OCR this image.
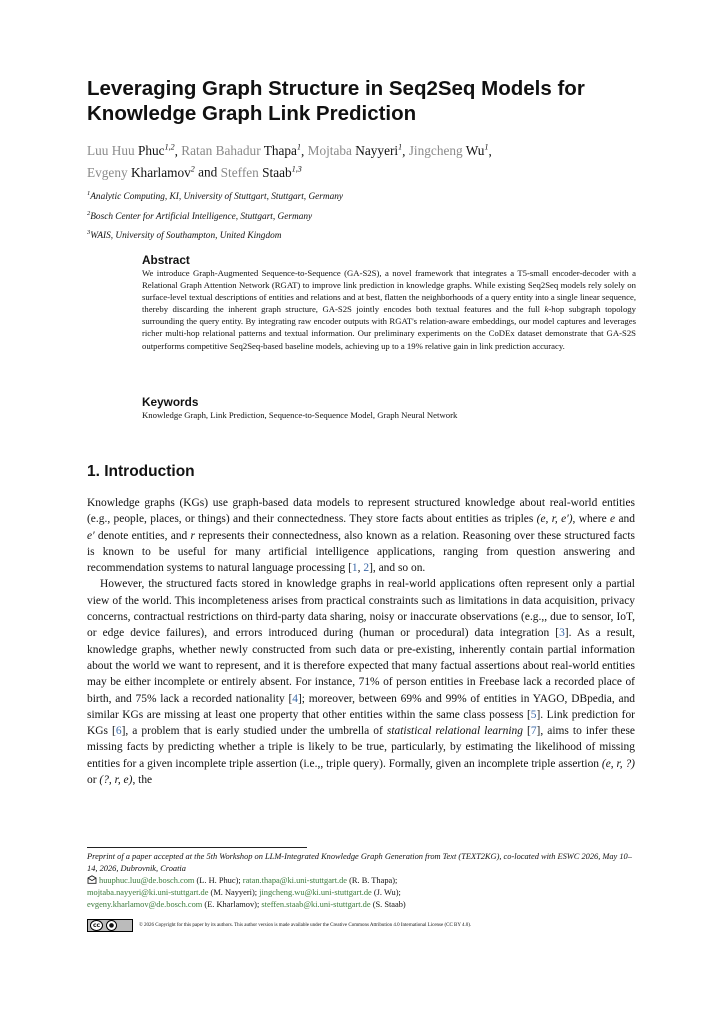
Leveraging Graph Structure in Seq2Seq Models for Knowledge Graph Link Prediction

Luu Huu Phuc$^{1,2}$, Ratan Bahadur Thapa$^1$, Mojtaba Nayyeri$^1$, Jingcheng Wu$^1$,
Evgeny Kharlamov$^2$ and Steffen Staab$^{1,3}$

$^1$Analytic Computing, KI, University of Stuttgart, Stuttgart, Germany
$^2$Bosch Center for Artificial Intelligence, Stuttgart, Germany
$^3$WAIS, University of Southampton, United Kingdom
Abstract

We introduce Graph-Augmented Sequence-to-Sequence (GA-S2S), a novel framework that integrates a T5-small encoder-decoder with a Relational Graph Attention Network (RGAT) to improve link prediction in knowledge graphs. While existing Seq2Seq models rely solely on surface-level textual descriptions of entities and relations and at best, flatten the neighborhoods of a query entity into a single linear sequence, thereby discarding the inherent graph structure, GA-S2S jointly encodes both textual features and the full k-hop subgraph topology surrounding the query entity. By integrating raw encoder outputs with RGAT's relation-aware embeddings, our model captures and leverages richer multi-hop relational patterns and textual information. Our preliminary experiments on the CoDEx dataset demonstrate that GA-S2S outperforms competitive Seq2Seq-based baseline models, achieving up to a 19% relative gain in link prediction accuracy.

Keywords

Knowledge Graph, Link Prediction, Sequence-to-Sequence Model, Graph Neural Network

1. Introduction

Knowledge graphs (KGs) use graph-based data models to represent structured knowledge about real-world entities (e.g., people, places, or things) and their connectedness. They store facts about entities as triples (e, r, e′), where e and e′ denote entities, and r represents their connectedness, also known as a relation. Reasoning over these structured facts is known to be useful for many artificial intelligence applications, ranging from question answering and recommendation systems to natural language processing [1, 2], and so on.

However, the structured facts stored in knowledge graphs in real-world applications often represent only a partial view of the world. This incompleteness arises from practical constraints such as limitations in data acquisition, privacy concerns, contractual restrictions on third-party data sharing, noisy or inaccurate observations (e.g.,, due to sensor, IoT, or edge device failures), and errors introduced during (human or procedural) data integration [3]. As a result, knowledge graphs, whether newly constructed from such data or pre-existing, inherently contain partial information about the world we want to represent, and it is therefore expected that many factual assertions about real-world entities may be either incomplete or entirely absent. For instance, 71% of person entities in Freebase lack a recorded place of birth, and 75% lack a recorded nationality [4]; moreover, between 69% and 99% of entities in YAGO, DBpedia, and similar KGs are missing at least one property that other entities within the same class possess [5]. Link prediction for KGs [6], a problem that is early studied under the umbrella of statistical relational learning [7], aims to infer these missing facts by predicting whether a triple is likely to be true, particularly, by estimating the likelihood of missing entities for a given incomplete triple assertion (i.e.,, triple query). Formally, given an incomplete triple assertion (e, r, ?) or (?, r, e), the

Preprint of a paper accepted at the 5th Workshop on LLM-Integrated Knowledge Graph Generation from Text (TEXT2KG), co-located with ESWC 2026, May 10–14, 2026, Dubrovnik, Croatia

huuphuc.luu@de.bosch.com (L. H. Phuc); ratan.thapa@ki.uni-stuttgart.de (R. B. Thapa);
mojtaba.nayyeri@ki.uni-stuttgart.de (M. Nayyeri); jingcheng.wu@ki.uni-stuttgart.de (J. Wu);
evgeny.kharlamov@de.bosch.com (E. Kharlamov); steffen.staab@ki.uni-stuttgart.de (S. Staab)

cc	●	© 2026 Copyright for this paper by its authors. This author version is made available under the Creative Commons Attribution 4.0 International License (CC BY 4.0).
